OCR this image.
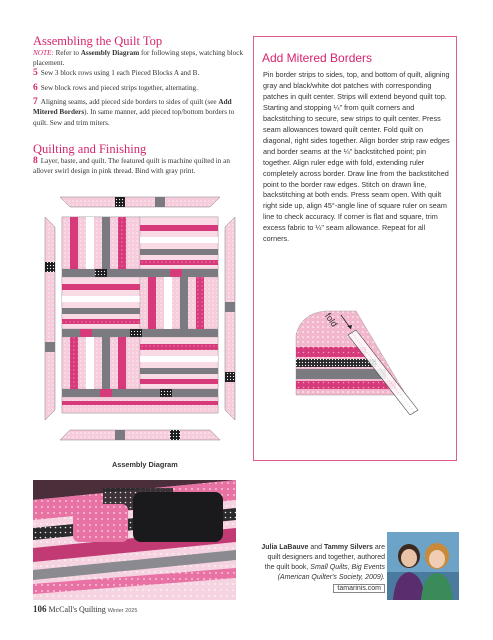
Assembling the Quilt Top
NOTE: Refer to Assembly Diagram for following steps, watching block placement.
5 Sew 3 block rows using 1 each Pieced Blocks A and B.
6 Sew block rows and pieced strips together, alternating.
7 Aligning seams, add pieced side borders to sides of quilt (see Add Mitered Borders). In same manner, add pieced top/bottom borders to quilt. Sew and trim miters.
Quilting and Finishing
8 Layer, baste, and quilt. The featured quilt is machine quilted in an allover swirl design in pink thread. Bind with gray print.
Assembly Diagram
Add Mitered Borders
Pin border strips to sides, top, and bottom of quilt, aligning gray and black/white dot patches with corresponding patches in quilt center. Strips will extend beyond quilt top. Starting and stopping ¼" from quilt corners and backstitching to secure, sew strips to quilt center. Press seam allowances toward quilt center. Fold quilt on diagonal, right sides together. Align border strip raw edges and border seams at the ¼" backstitched point; pin together. Align ruler edge with fold, extending ruler completely across border. Draw line from the backstitched point to the border raw edges. Stitch on drawn line, backstitching at both ends. Press seam open. With quilt right side up, align 45°-angle line of square ruler on seam line to check accuracy. If corner is flat and square, trim excess fabric to ¼" seam allowance. Repeat for all corners.
fold
Julia LaBauve and Tammy Silvers are
quilt designers and together, authored
the quilt book, Small Quilts, Big Events
(American Quilter's Society, 2009).
tamarinis.com
106 McCall's Quilting Winter 2025
